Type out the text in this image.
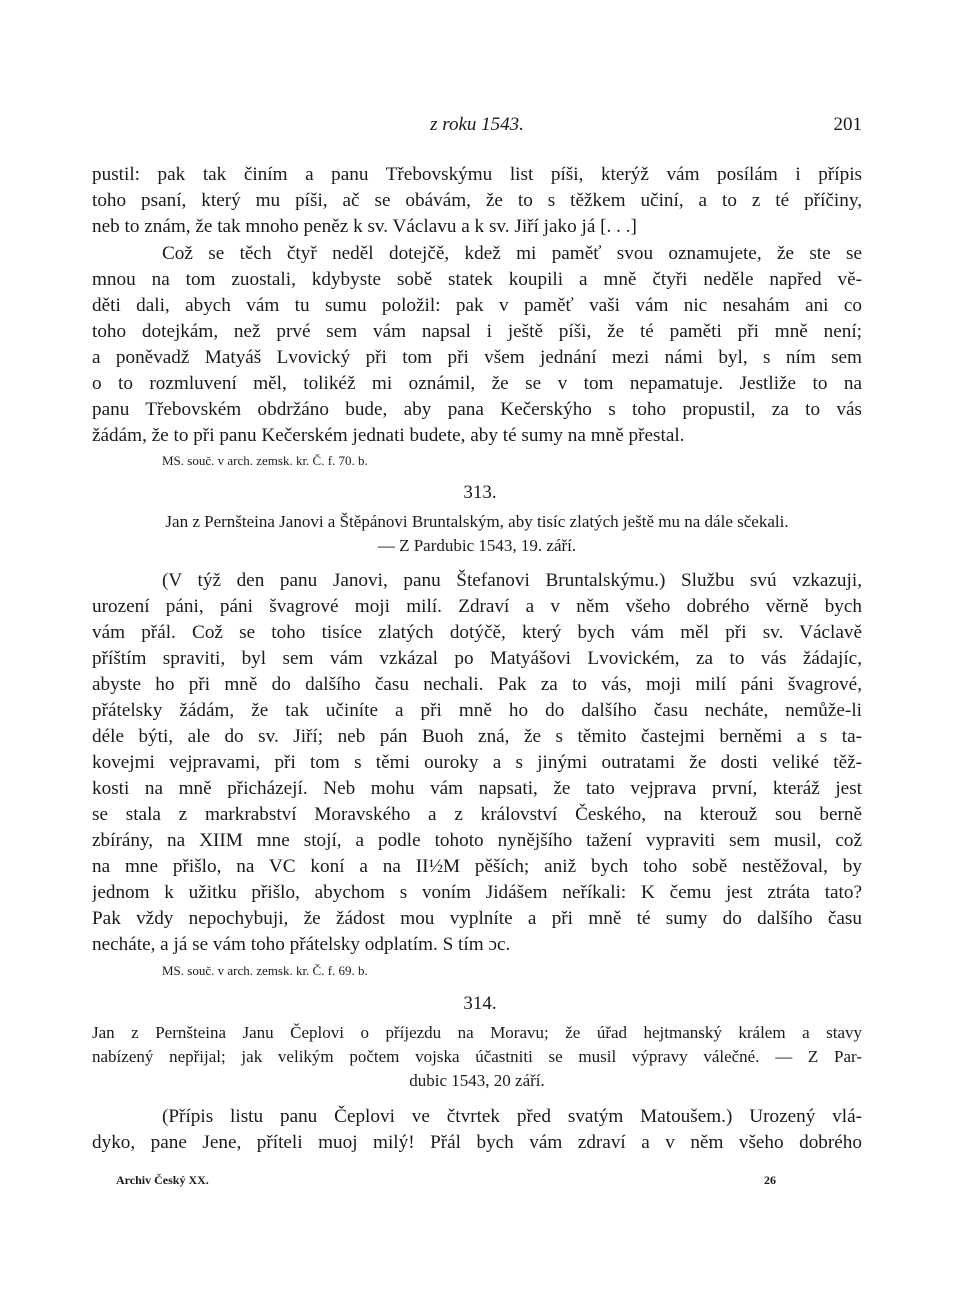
z roku 1543.	201
pustil: pak tak činím a panu Třebovskýmu list píši, kterýž vám posílám i přípis
toho psaní, který mu píši, ač se obávám, že to s těžkem učiní, a to z té příčiny,
neb to znám, že tak mnoho peněz k sv. Václavu a k sv. Jiří jako já [. . .]
Což se těch čtyř neděl dotejčě, kdež mi paměť svou oznamujete, že ste se
mnou na tom zuostali, kdybyste sobě statek koupili a mně čtyři neděle napřed vě-
děti dali, abych vám tu sumu položil: pak v paměť vaši vám nic nesahám ani co
toho dotejkám, než prvé sem vám napsal i ještě píši, že té paměti při mně není;
a poněvadž Matyáš Lvovický při tom při všem jednání mezi námi byl, s ním sem
o to rozmluvení měl, tolikéž mi oznámil, že se v tom nepamatuje. Jestliže to na
panu Třebovském obdržáno bude, aby pana Kečerskýho s toho propustil, za to vás
žádám, že to při panu Kečerském jednati budete, aby té sumy na mně přestal.
MS. souč. v arch. zemsk. kr. Č. f. 70. b.
313.
Jan z Pernšteina Janovi a Štěpánovi Bruntalským, aby tisíc zlatých ještě mu na dále sčekali.
— Z Pardubic 1543, 19. září.
(V týž den panu Janovi, panu Štefanovi Bruntalskýmu.) Službu svú vzkazuji,
urození páni, páni švagrové moji milí. Zdraví a v něm všeho dobrého věrně bych
vám přál. Což se toho tisíce zlatých dotýčě, který bych vám měl při sv. Václavě
příštím spraviti, byl sem vám vzkázal po Matyášovi Lvovickém, za to vás žádajíc,
abyste ho při mně do dalšího času nechali. Pak za to vás, moji milí páni švagrové,
přátelsky žádám, že tak učiníte a při mně ho do dalšího času necháte, nemůže-li
déle býti, ale do sv. Jiří; neb pán Buoh zná, že s těmito častejmi berněmi a s ta-
kovejmi vejpravami, při tom s těmi ouroky a s jinými outratami že dosti veliké těž-
kosti na mně přicházejí. Neb mohu vám napsati, že tato vejprava první, kteráž jest
se stala z markrabství Moravského a z království Českého, na kterouž sou berně
zbírány, na XIIM mne stojí, a podle tohoto nynějšího tažení vypraviti sem musil, což
na mne přišlo, na VC koní a na II½M pěších; aniž bych toho sobě nestěžoval, by
jednom k užitku přišlo, abychom s voním Jidášem neříkali: K čemu jest ztráta tato?
Pak vždy nepochybuji, že žádost mou vyplníte a při mně té sumy do dalšího času
necháte, a já se vám toho přátelsky odplatím. S tím ɔc.
MS. souč. v arch. zemsk. kr. Č. f. 69. b.
314.
Jan z Pernšteina Janu Čeplovi o příjezdu na Moravu; že úřad hejtmanský králem a stavy
nabízený nepřijal; jak velikým počtem vojska účastniti se musil výpravy válečné. — Z Par-
dubic 1543, 20 září.
(Přípis listu panu Čeplovi ve čtvrtek před svatým Matoušem.) Urozený vlá-
dyko, pane Jene, příteli muoj milý! Přál bych vám zdraví a v něm všeho dobrého
Archiv Český XX.	26
